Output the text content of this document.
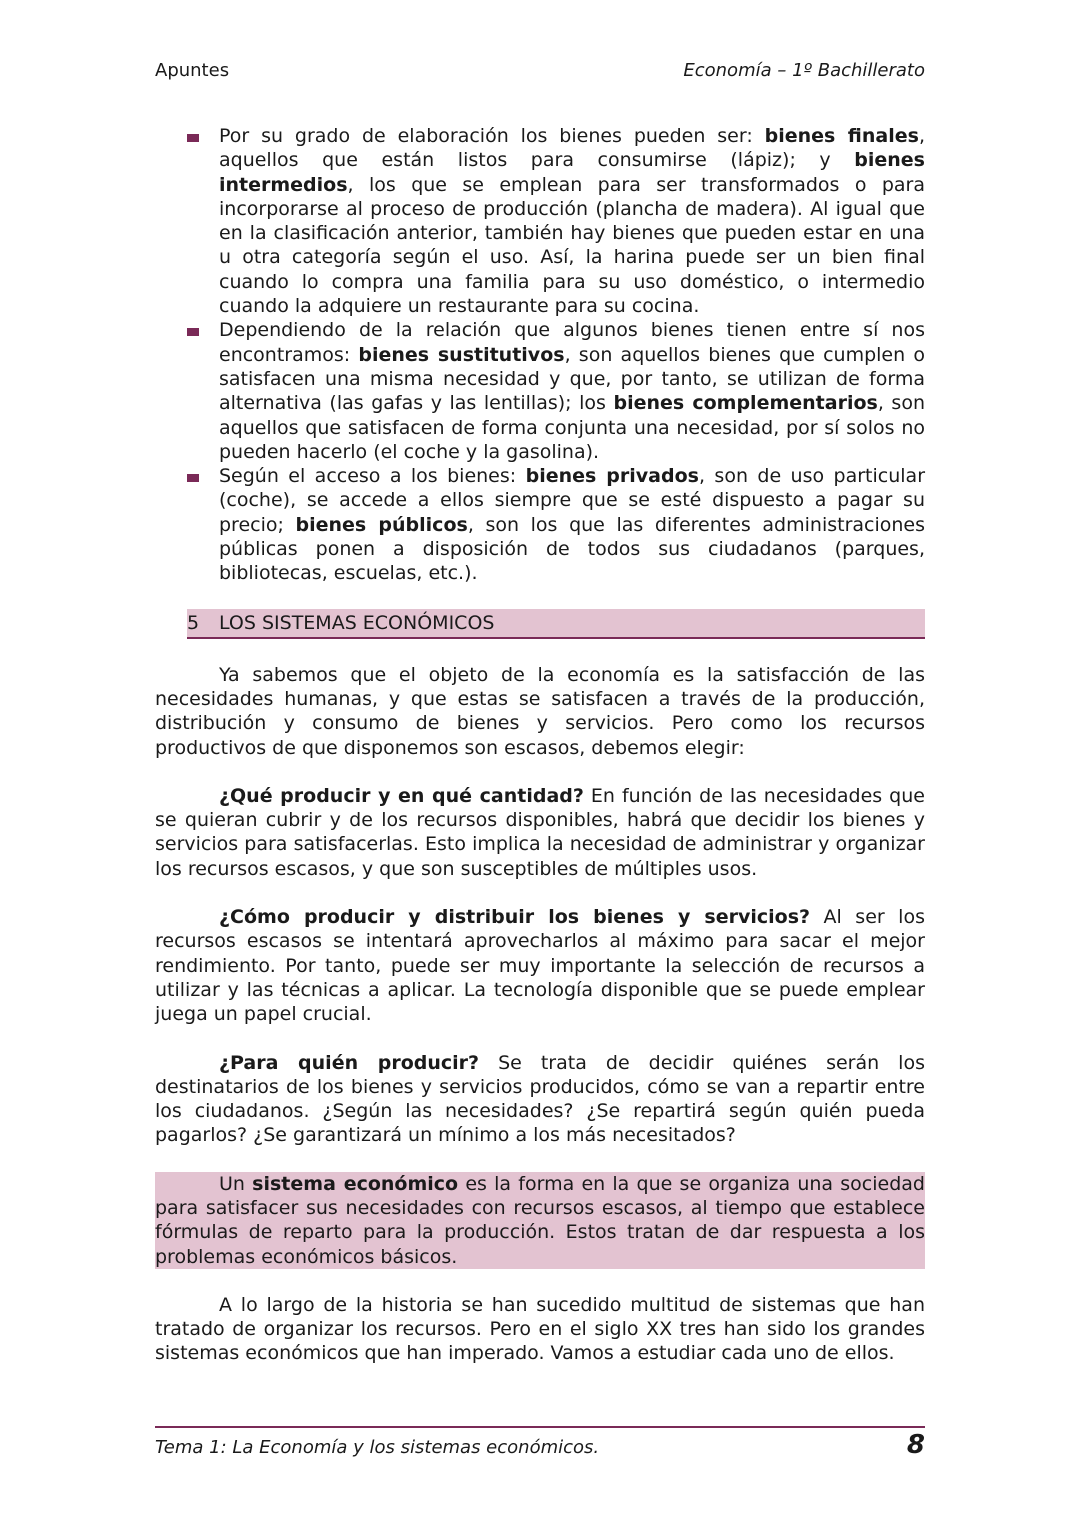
Apuntes	Economía – 1º Bachillerato
Por su grado de elaboración los bienes pueden ser: bienes finales, aquellos que están listos para consumirse (lápiz); y bienes intermedios, los que se emplean para ser transformados o para incorporarse al proceso de producción (plancha de madera). Al igual que en la clasificación anterior, también hay bienes que pueden estar en una u otra categoría según el uso. Así, la harina puede ser un bien final cuando lo compra una familia para su uso doméstico, o intermedio cuando la adquiere un restaurante para su cocina.
Dependiendo de la relación que algunos bienes tienen entre sí nos encontramos: bienes sustitutivos, son aquellos bienes que cumplen o satisfacen una misma necesidad y que, por tanto, se utilizan de forma alternativa (las gafas y las lentillas); los bienes complementarios, son aquellos que satisfacen de forma conjunta una necesidad, por sí solos no pueden hacerlo (el coche y la gasolina).
Según el acceso a los bienes: bienes privados, son de uso particular (coche), se accede a ellos siempre que se esté dispuesto a pagar su precio; bienes públicos, son los que las diferentes administraciones públicas ponen a disposición de todos sus ciudadanos (parques, bibliotecas, escuelas, etc.).
5 LOS SISTEMAS ECONÓMICOS

Ya sabemos que el objeto de la economía es la satisfacción de las necesidades humanas, y que estas se satisfacen a través de la producción, distribución y consumo de bienes y servicios. Pero como los recursos productivos de que disponemos son escasos, debemos elegir:

¿Qué producir y en qué cantidad? En función de las necesidades que se quieran cubrir y de los recursos disponibles, habrá que decidir los bienes y servicios para satisfacerlas. Esto implica la necesidad de administrar y organizar los recursos escasos, y que son susceptibles de múltiples usos.

¿Cómo producir y distribuir los bienes y servicios? Al ser los recursos escasos se intentará aprovecharlos al máximo para sacar el mejor rendimiento. Por tanto, puede ser muy importante la selección de recursos a utilizar y las técnicas a aplicar. La tecnología disponible que se puede emplear juega un papel crucial.

¿Para quién producir? Se trata de decidir quiénes serán los destinatarios de los bienes y servicios producidos, cómo se van a repartir entre los ciudadanos. ¿Según las necesidades? ¿Se repartirá según quién pueda pagarlos? ¿Se garantizará un mínimo a los más necesitados?

Un sistema económico es la forma en la que se organiza una sociedad para satisfacer sus necesidades con recursos escasos, al tiempo que establece fórmulas de reparto para la producción. Estos tratan de dar respuesta a los problemas económicos básicos.

A lo largo de la historia se han sucedido multitud de sistemas que han tratado de organizar los recursos. Pero en el siglo XX tres han sido los grandes sistemas económicos que han imperado. Vamos a estudiar cada uno de ellos.

Tema 1: La Economía y los sistemas económicos.	8
